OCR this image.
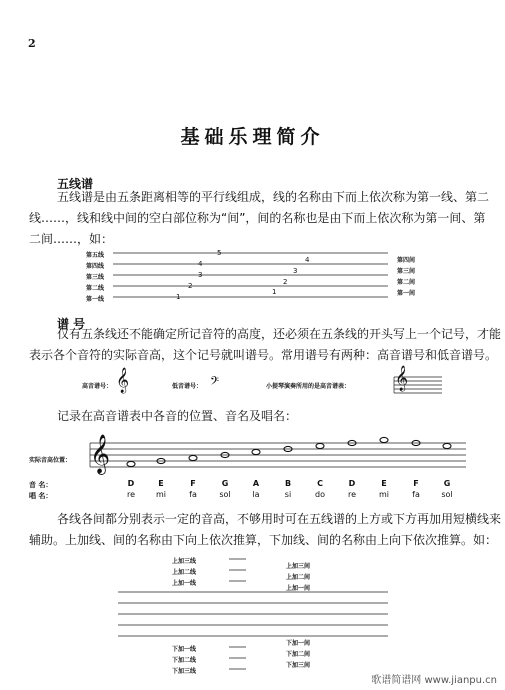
2
基础乐理简介
五线谱
五线谱是由五条距离相等的平行线组成，线的名称由下而上依次称为第一线、第二
线……，线和线中间的空白部位称为“间”，间的名称也是由下而上依次称为第一间、第
二间……，如：
第五线
第四线
第三线
第二线
第一线
第四间
第三间
第二间
第一间
5
4
3
2
1
4
3
2
1
谱 号
仅有五条线还不能确定所记音符的高度，还必须在五条线的开头写上一个记号，才能
表示各个音符的实际音高，这个记号就叫谱号。常用谱号有两种：高音谱号和低音谱号。
高音谱号： 𝄞	低音谱号： 𝄢	小提琴演奏所用的是高音谱表： 𝄞
记录在高音谱表中各音的位置、音名及唱名：
实际音高位置： 𝄞
音 名：
唱 名：
D	E	F	G	A	B	C	D	E	F	G
re	mi	fa	sol	la	si	do	re	mi	fa	sol
各线各间都分别表示一定的音高，不够用时可在五线谱的上方或下方再加用短横线来
辅助。上加线、间的名称由下向上依次推算，下加线、间的名称由上向下依次推算。如：
上加三线
上加二线
上加一线
上加三间
上加二间
上加一间
下加一线
下加二线
下加三线
下加一间
下加二间
下加三间
歌谱简谱网 www.jianpu.cn
